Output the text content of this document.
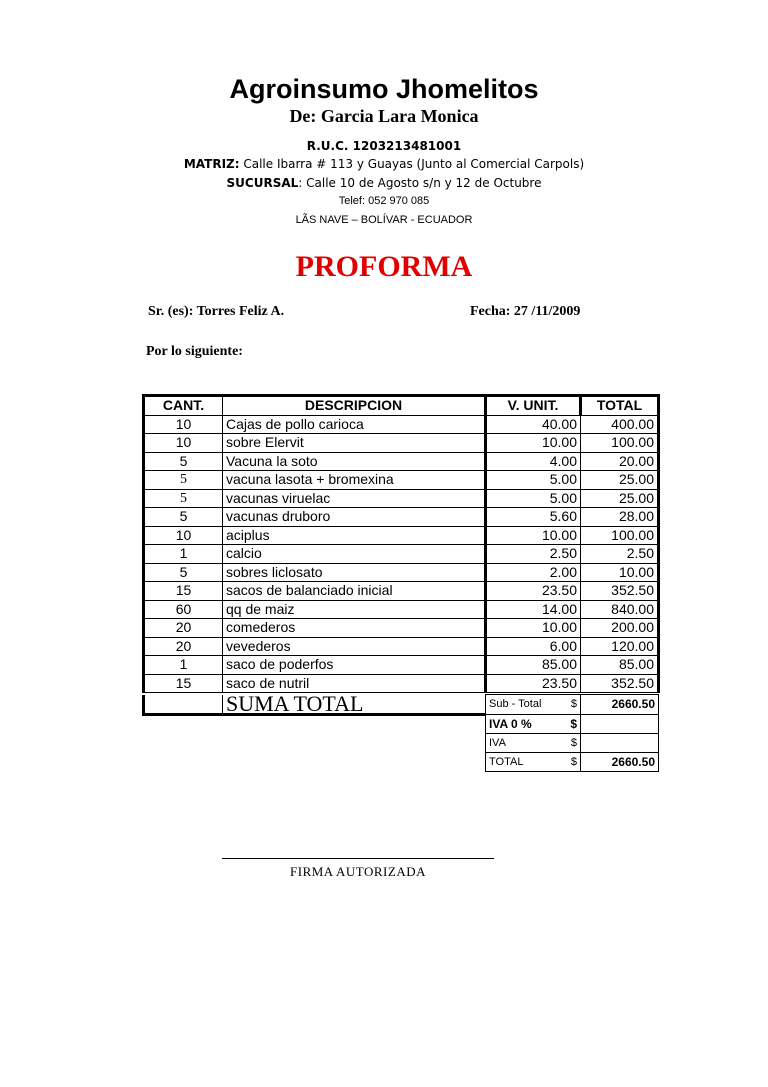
Agroinsumo Jhomelitos
De: Garcia Lara Monica
R.U.C. 1203213481001
MATRIZ: Calle Ibarra # 113 y Guayas (Junto al Comercial Carpols)
SUCURSAL: Calle 10 de Agosto s/n y 12 de Octubre
Telef: 052 970 085
LÃS NAVE – BOLÍVAR - ECUADOR
PROFORMA
Sr. (es): Torres Feliz A.	Fecha: 27 /11/2009
Por lo siguiente:
CANT.	DESCRIPCION	V. UNIT.	TOTAL
10	Cajas de pollo carioca	40.00	400.00
10	sobre Elervit	10.00	100.00
5	Vacuna la soto	4.00	20.00
5	vacuna lasota + bromexina	5.00	25.00
5	vacunas viruelac	5.00	25.00
5	vacunas druboro	5.60	28.00
10	aciplus	10.00	100.00
1	calcio	2.50	2.50
5	sobres liclosato	2.00	10.00
15	sacos de balanciado inicial	23.50	352.50
60	qq de maiz	14.00	840.00
20	comederos	10.00	200.00
20	vevederos	6.00	120.00
1	saco de poderfos	85.00	85.00
15	saco de nutril	23.50	352.50
	SUMA TOTAL	Sub - Total	$	2660.50
		IVA 0 %	$	
		IVA	$	
		TOTAL	$	2660.50
FIRMA AUTORIZADA
